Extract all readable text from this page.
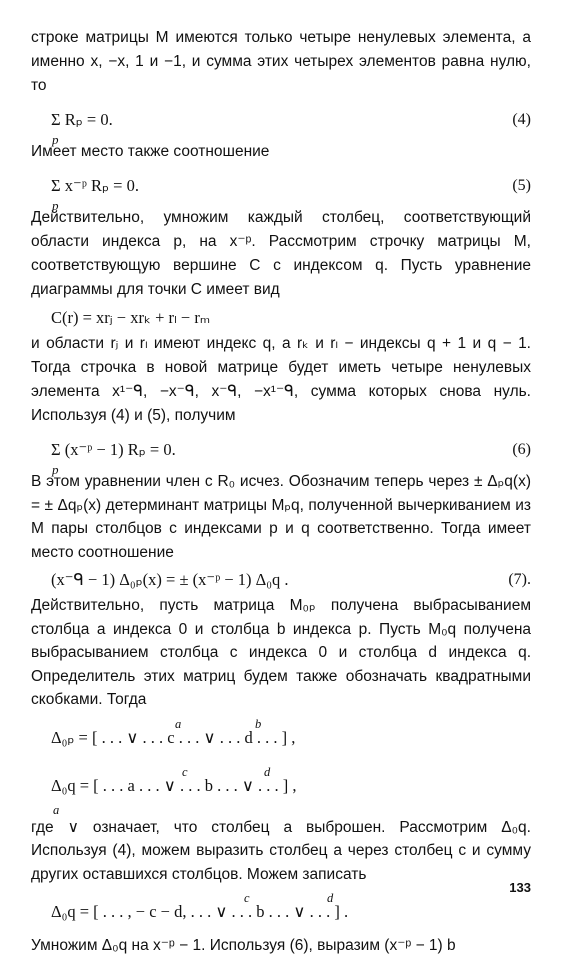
строке матрицы M имеются только четыре ненулевых элемента, а именно x, −x, 1 и −1, и сумма этих четырех элементов равна нулю, то

Σ Rₚ = 0.
p
(4)

Имеет место также соотношение

Σ x⁻ᵖ Rₚ = 0.
p
(5)

Действительно, умножим каждый столбец, соответствующий области индекса p, на x⁻ᵖ. Рассмотрим строчку матрицы M, соответствующую вершине C с индексом q. Пусть уравнение диаграммы для точки C имеет вид

C(r) = xrⱼ − xrₖ + rₗ − rₘ

и области rⱼ и rₗ имеют индекс q, а rₖ и rₗ − индексы q + 1 и q − 1. Тогда строчка в новой матрице будет иметь четыре ненулевых элемента x¹⁻ᑫ, −x⁻ᑫ, x⁻ᑫ, −x¹⁻ᑫ, сумма которых снова нуль. Используя (4) и (5), получим

Σ (x⁻ᵖ − 1) Rₚ = 0.
p
(6)

В этом уравнении член с R₀ исчез. Обозначим теперь через ± Δₚq(x) = ± Δqₚ(x) детерминант матрицы Mₚq, полученной вычеркиванием из M пары столбцов с индексами p и q соответственно. Тогда имеет место соотношение

(x⁻ᑫ − 1) Δ₀ₚ(x) = ± (x⁻ᵖ − 1) Δ₀q .	(7).

Действительно, пусть матрица M₀ₚ получена выбрасыванием столбца a индекса 0 и столбца b индекса p. Пусть M₀q получена выбрасыванием столбца c индекса 0 и столбца d индекса q. Определитель этих матриц будем также обозначать квадратными скобками. Тогда

a	b
Δ₀ₚ = [ . . . ∨ . . . c . . . ∨ . . . d . . . ] ,
c	d
Δ₀q = [ . . . a . . . ∨ . . . b . . . ∨ . . . ] ,
a

где ∨ означает, что столбец a выброшен. Рассмотрим Δ₀q. Используя (4), можем выразить столбец a через столбец c и сумму других оставшихся столбцов. Можем записать

c	d
Δ₀q = [ . . . , − c − d, . . . ∨ . . . b . . . ∨ . . . ] .

Умножим Δ₀q на x⁻ᵖ − 1. Используя (6), выразим (x⁻ᵖ − 1) b

133
